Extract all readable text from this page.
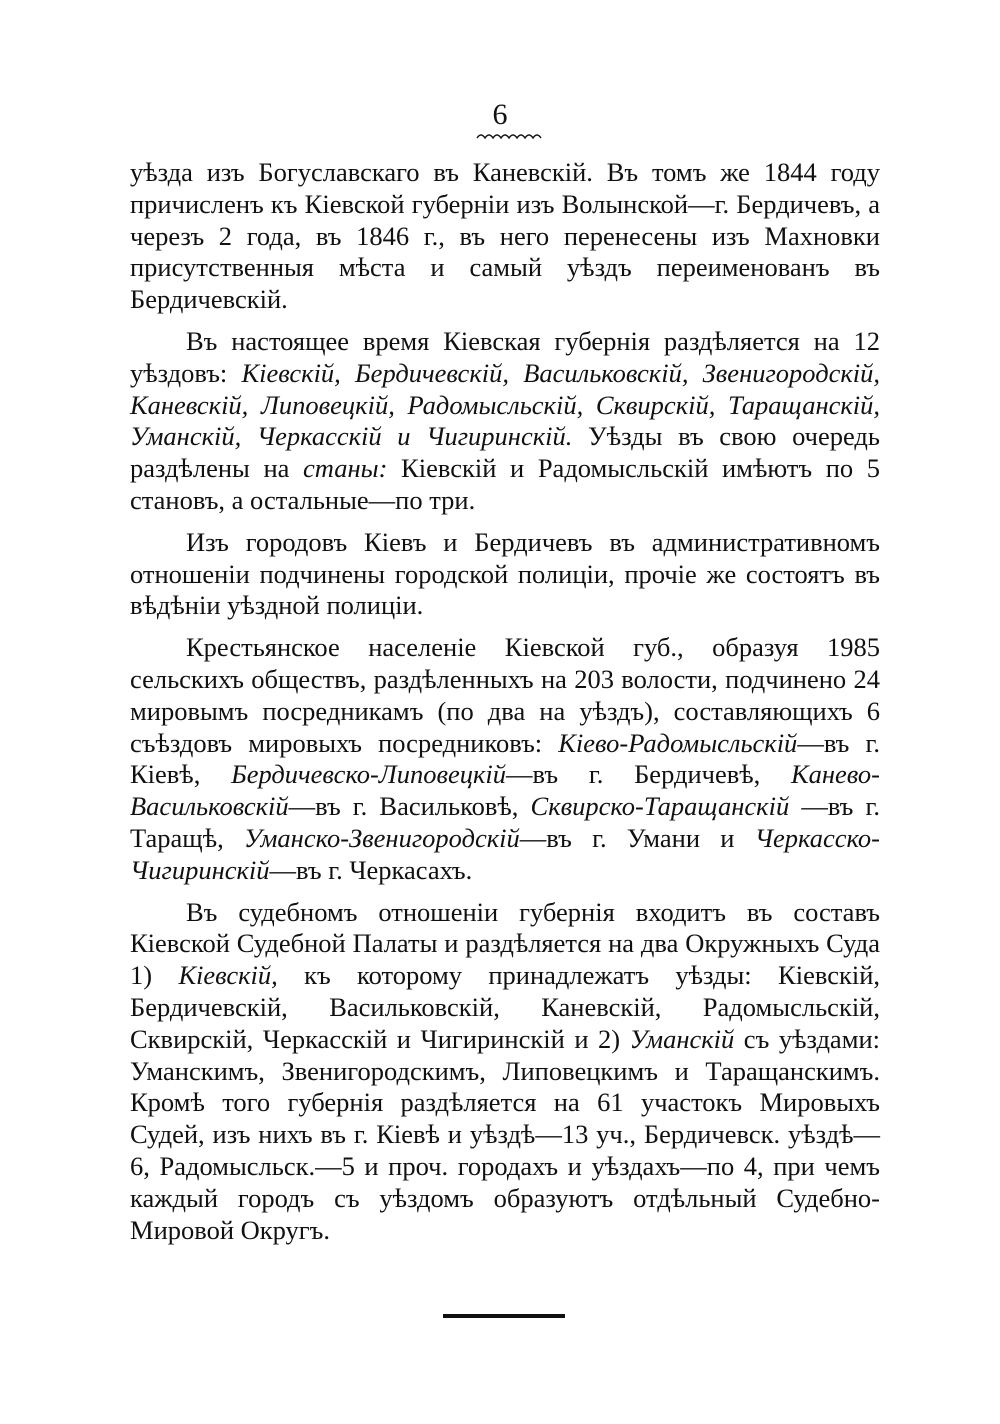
6

уѣзда изъ Богуславскаго въ Каневскій. Въ томъ же 1844 году причисленъ къ Кіевской губерніи изъ Волынской—г. Бердичевъ, а черезъ 2 года, въ 1846 г., въ него перенесены изъ Махновки присутственныя мѣста и самый уѣздъ переименованъ въ Бердичевскій.

Въ настоящее время Кіевская губернія раздѣляется на 12 уѣздовъ: Кіевскій, Бердичевскій, Васильковскій, Звенигородскій, Каневскій, Липовецкій, Радомысльскій, Сквирскій, Таращанскій, Уманскій, Черкасскій и Чигиринскій. Уѣзды въ свою очередь раздѣлены на станы: Кіевскій и Радомысльскій имѣютъ по 5 становъ, а остальные—по три.

Изъ городовъ Кіевъ и Бердичевъ въ административномъ отношеніи подчинены городской полиціи, прочіе же состоятъ въ вѣдѣніи уѣздной полиціи.

Крестьянское населеніе Кіевской губ., образуя 1985 сельскихъ обществъ, раздѣленныхъ на 203 волости, подчинено 24 мировымъ посредникамъ (по два на уѣздъ), составляющихъ 6 съѣздовъ мировыхъ посредниковъ: Кіево-Радомысльскій—въ г. Кіевѣ, Бердичевско-Липовецкій—въ г. Бердичевѣ, Канево-Васильковскій—въ г. Васильковѣ, Сквирско-Таращанскій —въ г. Таращѣ, Уманско-Звенигородскій—въ г. Умани и Черкасско-Чигиринскій—въ г. Черкасахъ.

Въ судебномъ отношеніи губернія входитъ въ составъ Кіевской Судебной Палаты и раздѣляется на два Окружныхъ Суда 1) Кіевскій, къ которому принадлежатъ уѣзды: Кіевскій, Бердичевскій, Васильковскій, Каневскій, Радомысльскій, Сквирскій, Черкасскій и Чигиринскій и 2) Уманскій съ уѣздами: Уманскимъ, Звенигородскимъ, Липовецкимъ и Таращанскимъ. Кромѣ того губернія раздѣляется на 61 участокъ Мировыхъ Судей, изъ нихъ въ г. Кіевѣ и уѣздѣ—13 уч., Бердичевск. уѣздѣ—6, Радомысльск.—5 и проч. городахъ и уѣздахъ—по 4, при чемъ каждый городъ съ уѣздомъ образуютъ отдѣльный Судебно-Мировой Округъ.
